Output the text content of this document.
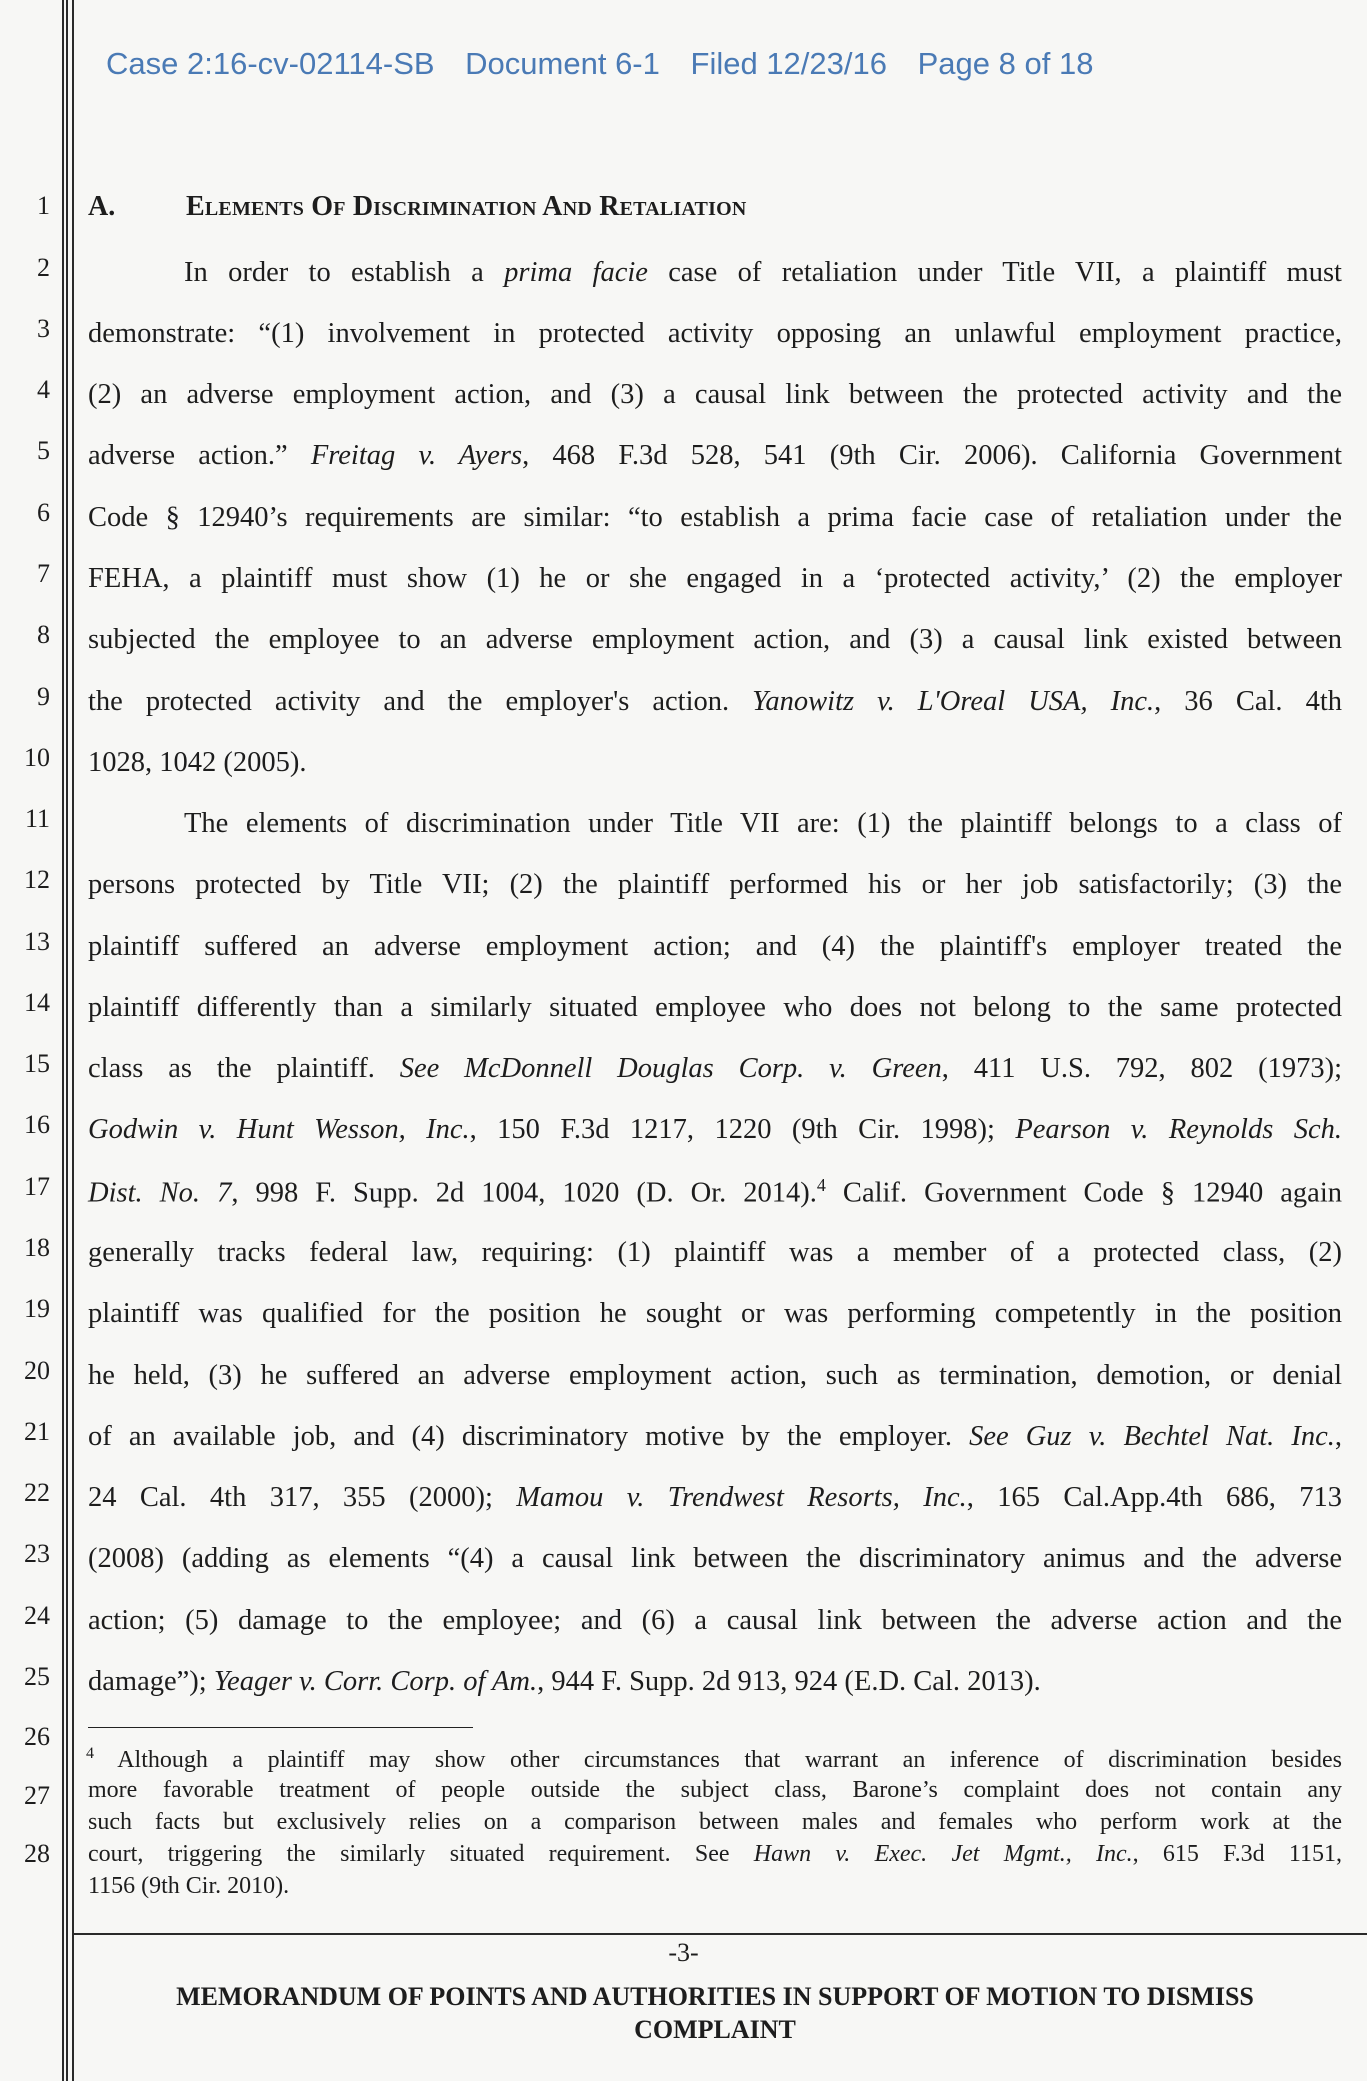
Case 2:16-cv-02114-SB Document 6-1 Filed 12/23/16 Page 8 of 18
1
2
3
4
5
6
7
8
9
10
11
12
13
14
15
16
17
18
19
20
21
22
23
24
25
26
27
28
A.	Elements Of Discrimination And Retaliation
In order to establish a prima facie case of retaliation under Title VII, a plaintiff must
demonstrate: “(1) involvement in protected activity opposing an unlawful employment practice,
(2) an adverse employment action, and (3) a causal link between the protected activity and the
adverse action.” Freitag v. Ayers, 468 F.3d 528, 541 (9th Cir. 2006). California Government
Code § 12940’s requirements are similar: “to establish a prima facie case of retaliation under the
FEHA, a plaintiff must show (1) he or she engaged in a ‘protected activity,’ (2) the employer
subjected the employee to an adverse employment action, and (3) a causal link existed between
the protected activity and the employer's action. Yanowitz v. L'Oreal USA, Inc., 36 Cal. 4th
1028, 1042 (2005).
The elements of discrimination under Title VII are: (1) the plaintiff belongs to a class of
persons protected by Title VII; (2) the plaintiff performed his or her job satisfactorily; (3) the
plaintiff suffered an adverse employment action; and (4) the plaintiff's employer treated the
plaintiff differently than a similarly situated employee who does not belong to the same protected
class as the plaintiff. See McDonnell Douglas Corp. v. Green, 411 U.S. 792, 802 (1973);
Godwin v. Hunt Wesson, Inc., 150 F.3d 1217, 1220 (9th Cir. 1998); Pearson v. Reynolds Sch.
Dist. No. 7, 998 F. Supp. 2d 1004, 1020 (D. Or. 2014).$^4$ Calif. Government Code § 12940 again
generally tracks federal law, requiring: (1) plaintiff was a member of a protected class, (2)
plaintiff was qualified for the position he sought or was performing competently in the position
he held, (3) he suffered an adverse employment action, such as termination, demotion, or denial
of an available job, and (4) discriminatory motive by the employer. See Guz v. Bechtel Nat. Inc.,
24 Cal. 4th 317, 355 (2000); Mamou v. Trendwest Resorts, Inc., 165 Cal.App.4th 686, 713
(2008) (adding as elements “(4) a causal link between the discriminatory animus and the adverse
action; (5) damage to the employee; and (6) a causal link between the adverse action and the
damage”); Yeager v. Corr. Corp. of Am., 944 F. Supp. 2d 913, 924 (E.D. Cal. 2013).
$^4$ Although a plaintiff may show other circumstances that warrant an inference of discrimination besides
more favorable treatment of people outside the subject class, Barone’s complaint does not contain any
such facts but exclusively relies on a comparison between males and females who perform work at the
court, triggering the similarly situated requirement. See Hawn v. Exec. Jet Mgmt., Inc., 615 F.3d 1151,
1156 (9th Cir. 2010).
-3-
MEMORANDUM OF POINTS AND AUTHORITIES IN SUPPORT OF MOTION TO DISMISS
COMPLAINT
